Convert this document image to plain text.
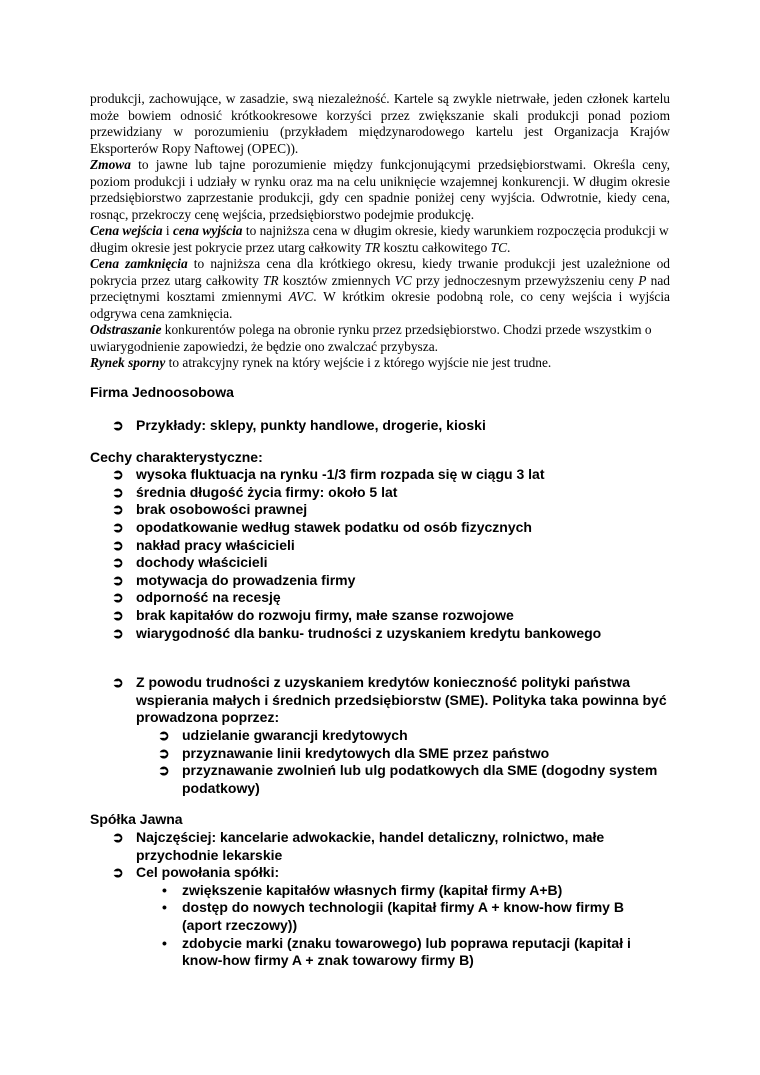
produkcji, zachowujące, w zasadzie, swą niezależność. Kartele są zwykle nietrwałe, jeden członek kartelu może bowiem odnosić krótkookresowe korzyści przez zwiększanie skali produkcji ponad poziom przewidziany w porozumieniu (przykładem międzynarodowego kartelu jest Organizacja Krajów Eksporterów Ropy Naftowej (OPEC)).

Zmowa to jawne lub tajne porozumienie między funkcjonującymi przedsiębiorstwami. Określa ceny, poziom produkcji i udziały w rynku oraz ma na celu uniknięcie wzajemnej konkurencji. W długim okresie przedsiębiorstwo zaprzestanie produkcji, gdy cen spadnie poniżej ceny wyjścia. Odwrotnie, kiedy cena, rosnąc, przekroczy cenę wejścia, przedsiębiorstwo podejmie produkcję.

Cena wejścia i cena wyjścia to najniższa cena w długim okresie, kiedy warunkiem rozpoczęcia produkcji w długim okresie jest pokrycie przez utarg całkowity TR kosztu całkowitego TC.

Cena zamknięcia to najniższa cena dla krótkiego okresu, kiedy trwanie produkcji jest uzależnione od pokrycia przez utarg całkowity TR kosztów zmiennych VC przy jednoczesnym przewyższeniu ceny P nad przeciętnymi kosztami zmiennymi AVC. W krótkim okresie podobną role, co ceny wejścia i wyjścia odgrywa cena zamknięcia.

Odstraszanie konkurentów polega na obronie rynku przez przedsiębiorstwo. Chodzi przede wszystkim o uwiarygodnienie zapowiedzi, że będzie ono zwalczać przybysza.

Rynek sporny to atrakcyjny rynek na który wejście i z którego wyjście nie jest trudne.

Firma Jednoosobowa
➲ Przykłady: sklepy, punkty handlowe, drogerie, kioski
Cechy charakterystyczne:
➲ wysoka fluktuacja na rynku -1/3 firm rozpada się w ciągu 3 lat
➲ średnia długość życia firmy: około 5 lat
➲ brak osobowości prawnej
➲ opodatkowanie według stawek podatku od osób fizycznych
➲ nakład pracy właścicieli
➲ dochody właścicieli
➲ motywacja do prowadzenia firmy
➲ odporność na recesję
➲ brak kapitałów do rozwoju firmy, małe szanse rozwojowe
➲ wiarygodność dla banku- trudności z uzyskaniem kredytu bankowego
➲ Z powodu trudności z uzyskaniem kredytów konieczność polityki państwa wspierania małych i średnich przedsiębiorstw (SME). Polityka taka powinna być prowadzona poprzez:
➲ udzielanie gwarancji kredytowych
➲ przyznawanie linii kredytowych dla SME przez państwo
➲ przyznawanie zwolnień lub ulg podatkowych dla SME (dogodny system podatkowy)
Spółka Jawna
➲ Najczęściej: kancelarie adwokackie, handel detaliczny, rolnictwo, małe przychodnie lekarskie
➲ Cel powołania spółki:
• zwiększenie kapitałów własnych firmy (kapitał firmy A+B)
• dostęp do nowych technologii (kapitał firmy A + know-how firmy B (aport rzeczowy))
• zdobycie marki (znaku towarowego) lub poprawa reputacji (kapitał i know-how firmy A + znak towarowy firmy B)
